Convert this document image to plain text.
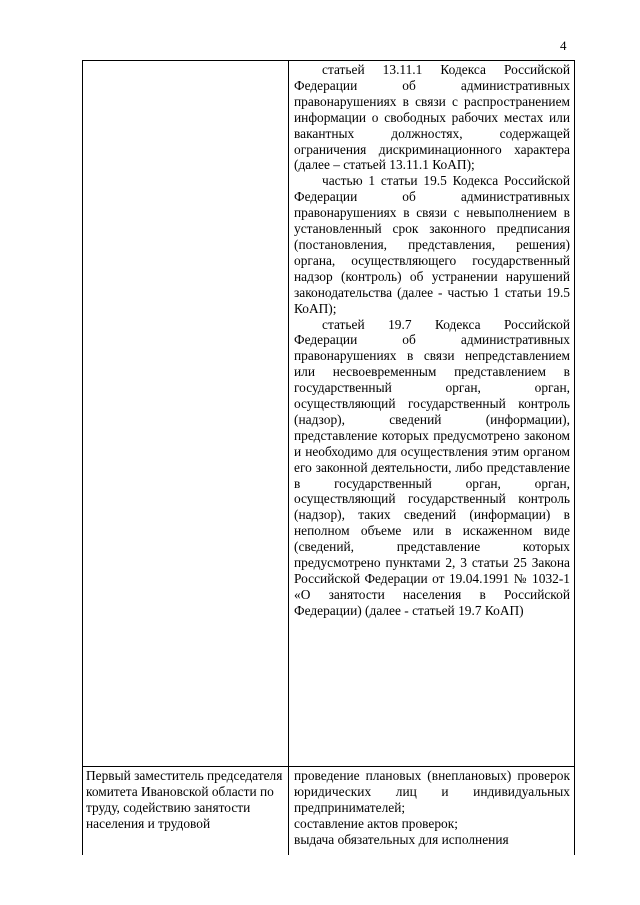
4

	статьей 13.11.1 Кодекса Российской Федерации об административных правонарушениях в связи с распространением информации о свободных рабочих местах или вакантных должностях, содержащей ограничения дискриминационного характера (далее – статьей 13.11.1 КоАП);

частью 1 статьи 19.5 Кодекса Российской Федерации об административных правонарушениях в связи с невыполнением в установленный срок законного предписания (постановления, представления, решения) органа, осуществляющего государственный надзор (контроль) об устранении нарушений законодательства (далее - частью 1 статьи 19.5 КоАП);

статьей 19.7 Кодекса Российской Федерации об административных правонарушениях в связи непредставлением или несвоевременным представлением в государственный орган, орган, осуществляющий государственный контроль (надзор), сведений (информации), представление которых предусмотрено законом и необходимо для осуществления этим органом его законной деятельности, либо представление в государственный орган, орган, осуществляющий государственный контроль (надзор), таких сведений (информации) в неполном объеме или в искаженном виде (сведений, представление которых предусмотрено пунктами 2, 3 статьи 25 Закона Российской Федерации от 19.04.1991 № 1032-1 «О занятости населения в Российской Федерации) (далее - статьей 19.7 КоАП)

Первый заместитель председателя комитета Ивановской области по труду, содействию занятости населения и трудовой	проведение плановых (внеплановых) проверок юридических лиц и индивидуальных предпринимателей;

составление актов проверок;

выдача обязательных для исполнения
